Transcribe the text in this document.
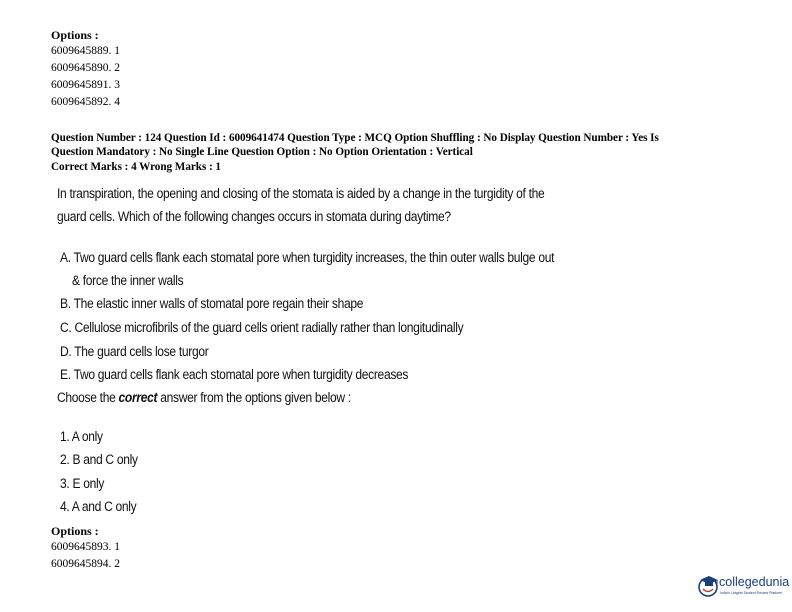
Options :
6009645889. 1
6009645890. 2
6009645891. 3
6009645892. 4
Question Number : 124 Question Id : 6009641474 Question Type : MCQ Option Shuffling : No Display Question Number : Yes Is
Question Mandatory : No Single Line Question Option : No Option Orientation : Vertical
Correct Marks : 4 Wrong Marks : 1
In transpiration, the opening and closing of the stomata is aided by a change in the turgidity of the
guard cells. Which of the following changes occurs in stomata during daytime?
A. Two guard cells flank each stomatal pore when turgidity increases, the thin outer walls bulge out
& force the inner walls
B. The elastic inner walls of stomatal pore regain their shape
C. Cellulose microfibrils of the guard cells orient radially rather than longitudinally
D. The guard cells lose turgor
E. Two guard cells flank each stomatal pore when turgidity decreases
Choose the correct answer from the options given below :
1. A only
2. B and C only
3. E only
4. A and C only
Options :
6009645893. 1
6009645894. 2
collegedunia
India's Largest Student Review Platform
